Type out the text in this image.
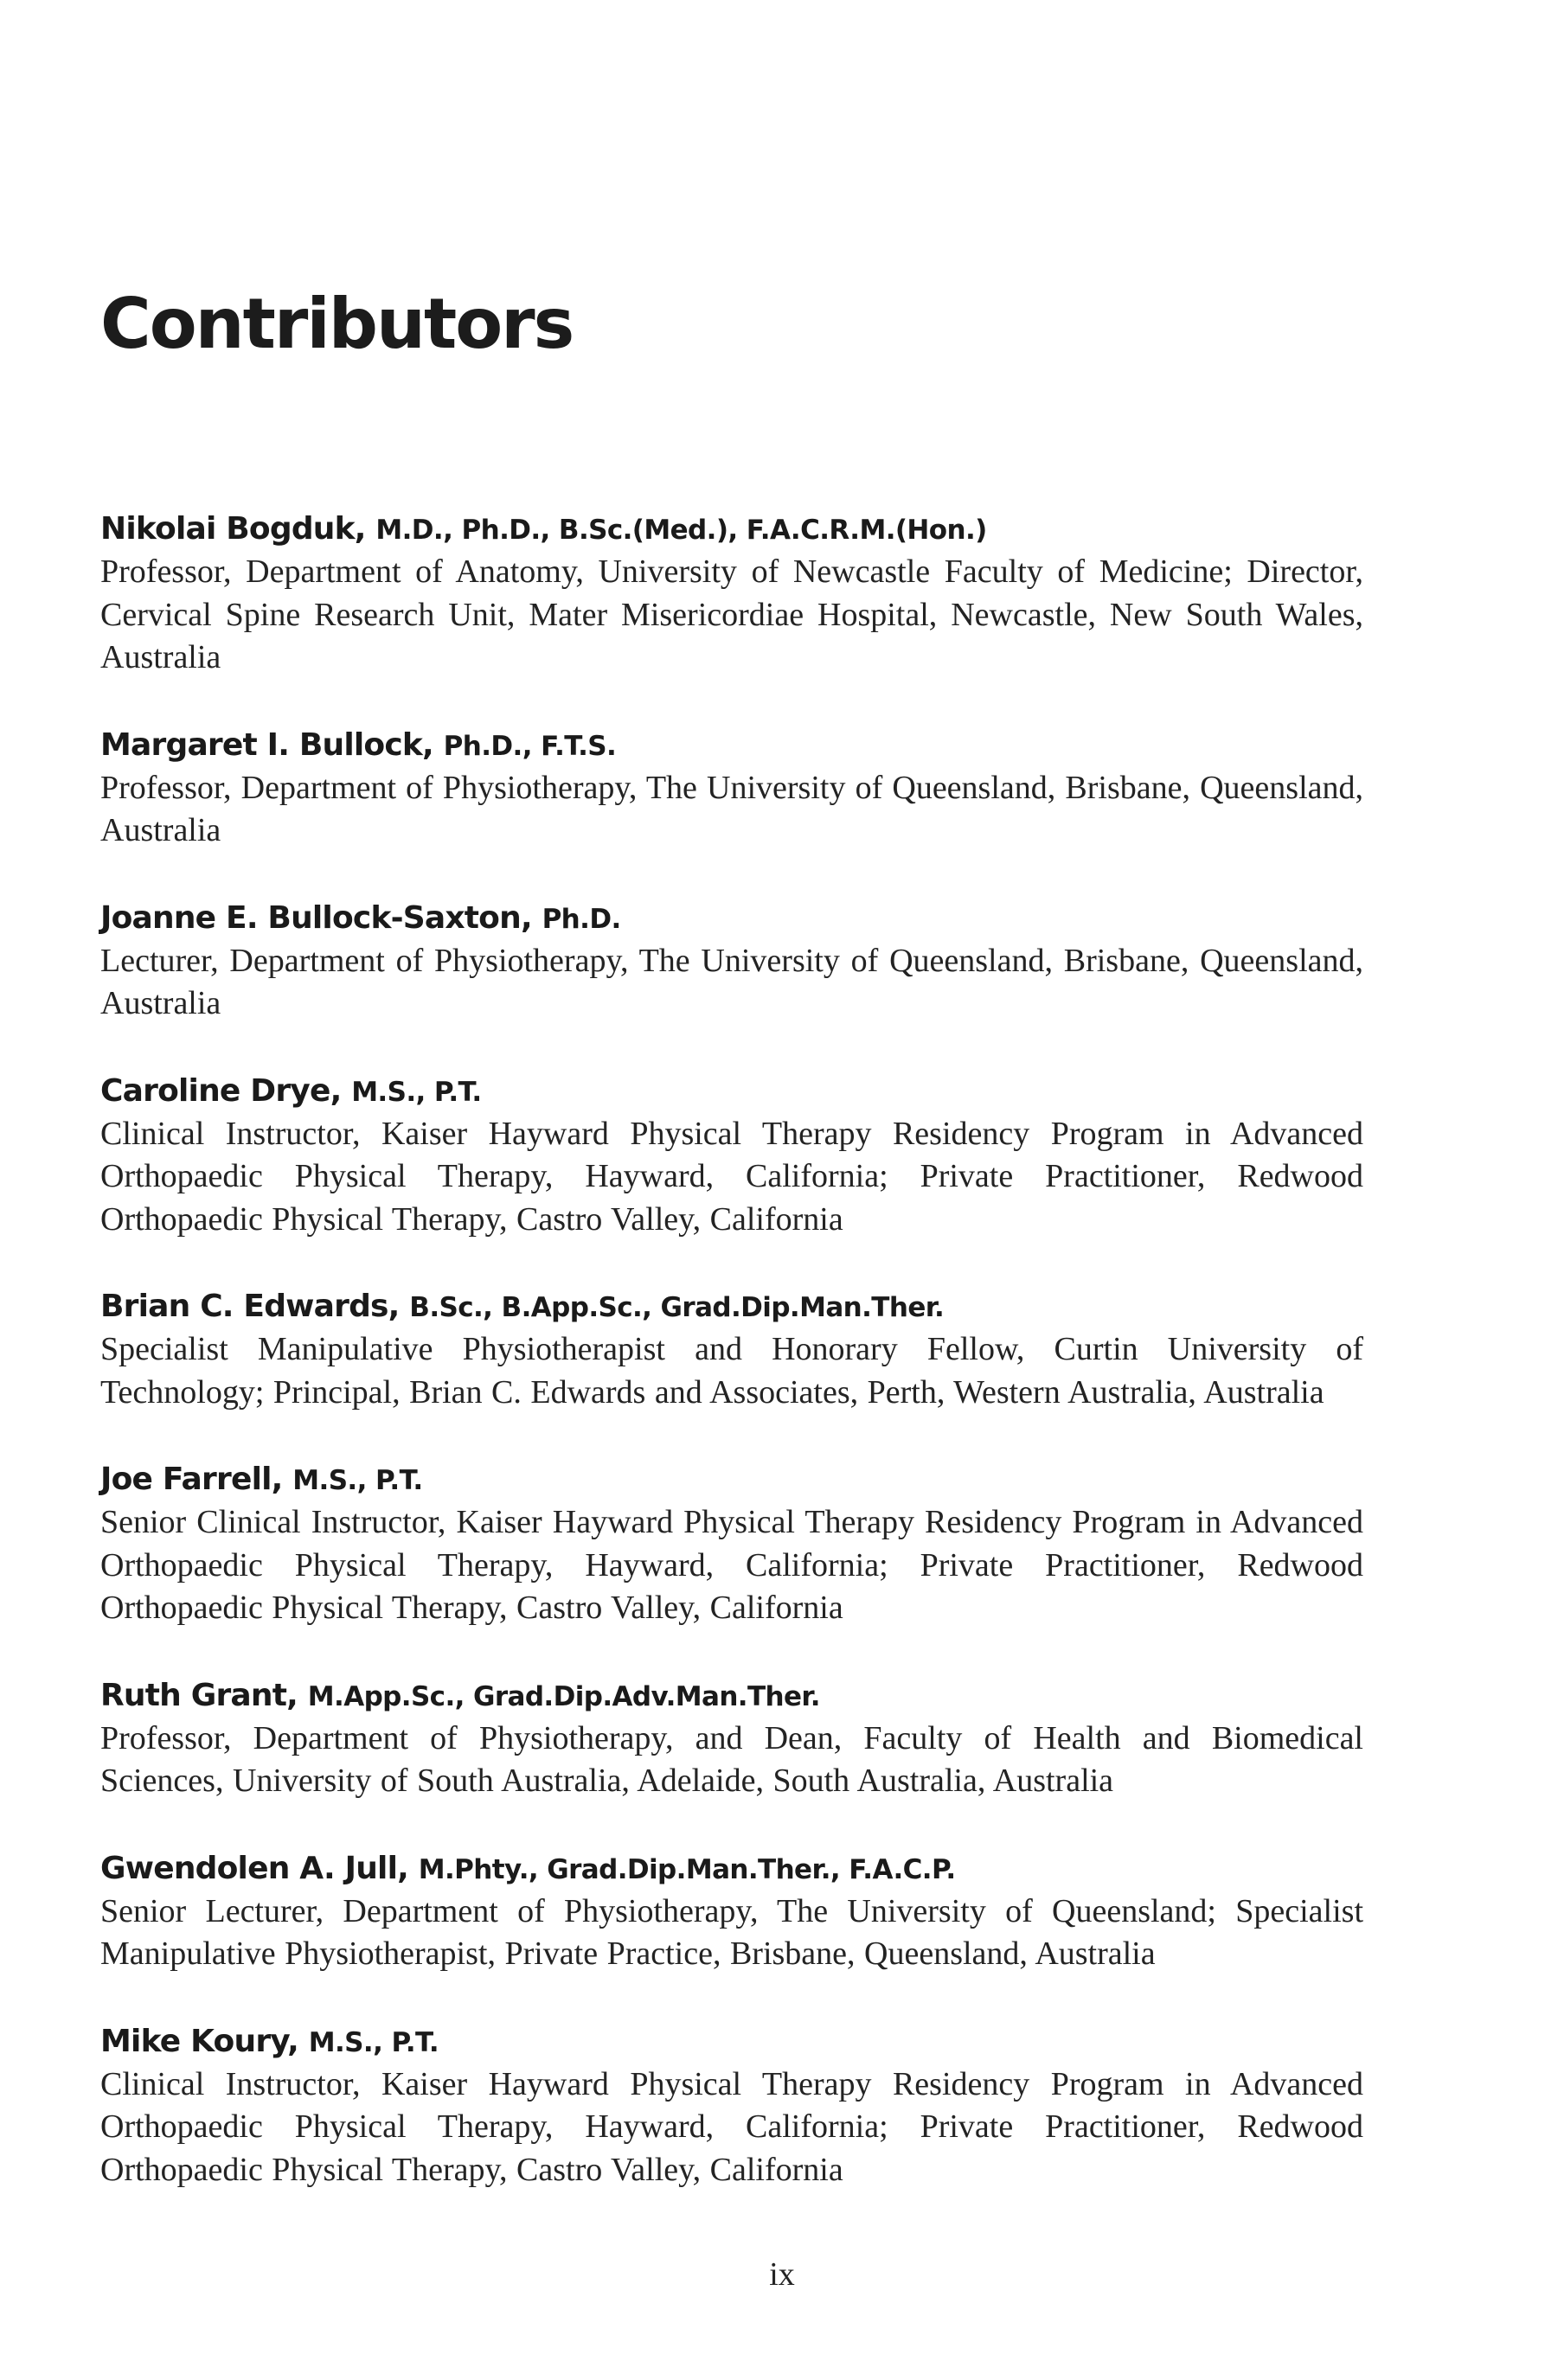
Contributors
Nikolai Bogduk, M.D., Ph.D., B.Sc.(Med.), F.A.C.R.M.(Hon.)
Professor, Department of Anatomy, University of Newcastle Faculty of Medicine; Director, Cervical Spine Research Unit, Mater Misericordiae Hospital, Newcastle, New South Wales, Australia
Margaret I. Bullock, Ph.D., F.T.S.
Professor, Department of Physiotherapy, The University of Queensland, Brisbane, Queensland, Australia
Joanne E. Bullock-Saxton, Ph.D.
Lecturer, Department of Physiotherapy, The University of Queensland, Brisbane, Queensland, Australia
Caroline Drye, M.S., P.T.
Clinical Instructor, Kaiser Hayward Physical Therapy Residency Program in Advanced Orthopaedic Physical Therapy, Hayward, California; Private Practitioner, Redwood Orthopaedic Physical Therapy, Castro Valley, California
Brian C. Edwards, B.Sc., B.App.Sc., Grad.Dip.Man.Ther.
Specialist Manipulative Physiotherapist and Honorary Fellow, Curtin University of Technology; Principal, Brian C. Edwards and Associates, Perth, Western Australia, Australia
Joe Farrell, M.S., P.T.
Senior Clinical Instructor, Kaiser Hayward Physical Therapy Residency Program in Advanced Orthopaedic Physical Therapy, Hayward, California; Private Practitioner, Redwood Orthopaedic Physical Therapy, Castro Valley, California
Ruth Grant, M.App.Sc., Grad.Dip.Adv.Man.Ther.
Professor, Department of Physiotherapy, and Dean, Faculty of Health and Biomedical Sciences, University of South Australia, Adelaide, South Australia, Australia
Gwendolen A. Jull, M.Phty., Grad.Dip.Man.Ther., F.A.C.P.
Senior Lecturer, Department of Physiotherapy, The University of Queensland; Specialist Manipulative Physiotherapist, Private Practice, Brisbane, Queensland, Australia
Mike Koury, M.S., P.T.
Clinical Instructor, Kaiser Hayward Physical Therapy Residency Program in Advanced Orthopaedic Physical Therapy, Hayward, California; Private Practitioner, Redwood Orthopaedic Physical Therapy, Castro Valley, California
ix
